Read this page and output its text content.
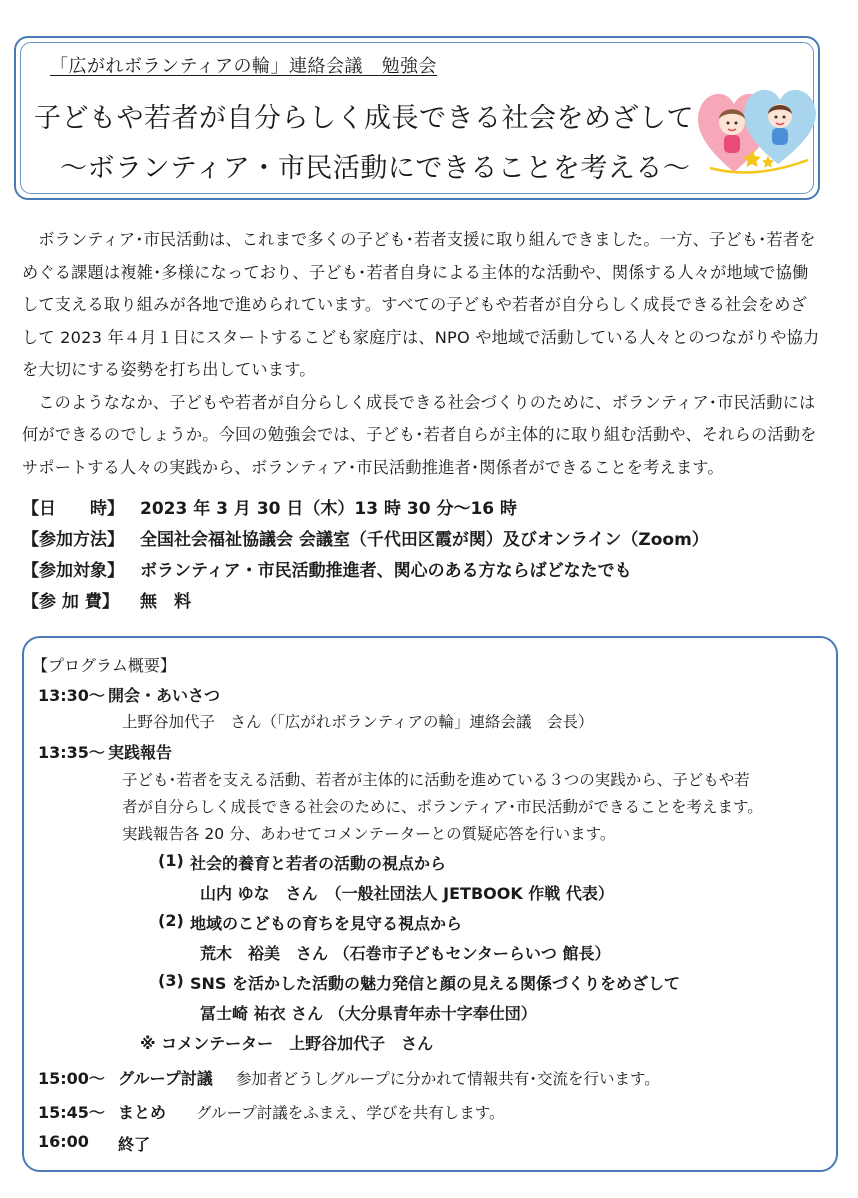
「広がれボランティアの輪」連絡会議　 勉強会
子どもや若者が自分らしく成長できる社会をめざして
～ボランティア・市民活動にできることを考える～

ボランティア･市民活動は、これまで多くの子ども･若者支援に取り組んできました。一方、子ども･若者をめぐる課題は複雑･多様になっており、子ども･若者自身による主体的な活動や、関係する人々が地域で協働して支える取り組みが各地で進められています。すべての子どもや若者が自分らしく成長できる社会をめざして 2023 年４月１日にスタートするこども家庭庁は、NPO や地域で活動している人々とのつながりや協力を大切にする姿勢を打ち出しています。

このようななか、子どもや若者が自分らしく成長できる社会づくりのために、ボランティア･市民活動には何ができるのでしょうか。今回の勉強会では、子ども･若者自らが主体的に取り組む活動や、それらの活動をサポートする人々の実践から、ボランティア･市民活動推進者･関係者ができることを考えます。

【日　　時】 2023 年 3 月 30 日（木）13 時 30 分～16 時
【参加方法】 全国社会福祉協議会 会議室（千代田区霞が関）及びオンライン（Zoom）
【参加対象】 ボランティア・市民活動推進者、関心のある方ならばどなたでも
【参 加 費】	無　料
【プログラム概要】
13:30～ 開会・あいさつ
上野谷加代子　さん（「広がれボランティアの輪」連絡会議　会長）
13:35～ 実践報告
子ども･若者を支える活動、若者が主体的に活動を進めている３つの実践から、子どもや若
者が自分らしく成長できる社会のために、ボランティア･市民活動ができることを考えます。
実践報告各 20 分、あわせてコメンテーターとの質疑応答を行います。
(1) 社会的養育と若者の活動の視点から
山内 ゆな　さん　（一般社団法人 JETBOOK 作戦 代表）
(2) 地域のこどもの育ちを見守る視点から
荒木　裕美　さん （石巻市子どもセンターらいつ 館長）
(3) SNS を活かした活動の魅力発信と顔の見える関係づくりをめざして
冨士崎 祐衣 さん （大分県青年赤十字奉仕団）
※ コメンテーター　上野谷加代子　さん
15:00～ グループ討議 参加者どうしグループに分かれて情報共有･交流を行います。
15:45～ まとめ グループ討議をふまえ、学びを共有します。
16:00 終了
